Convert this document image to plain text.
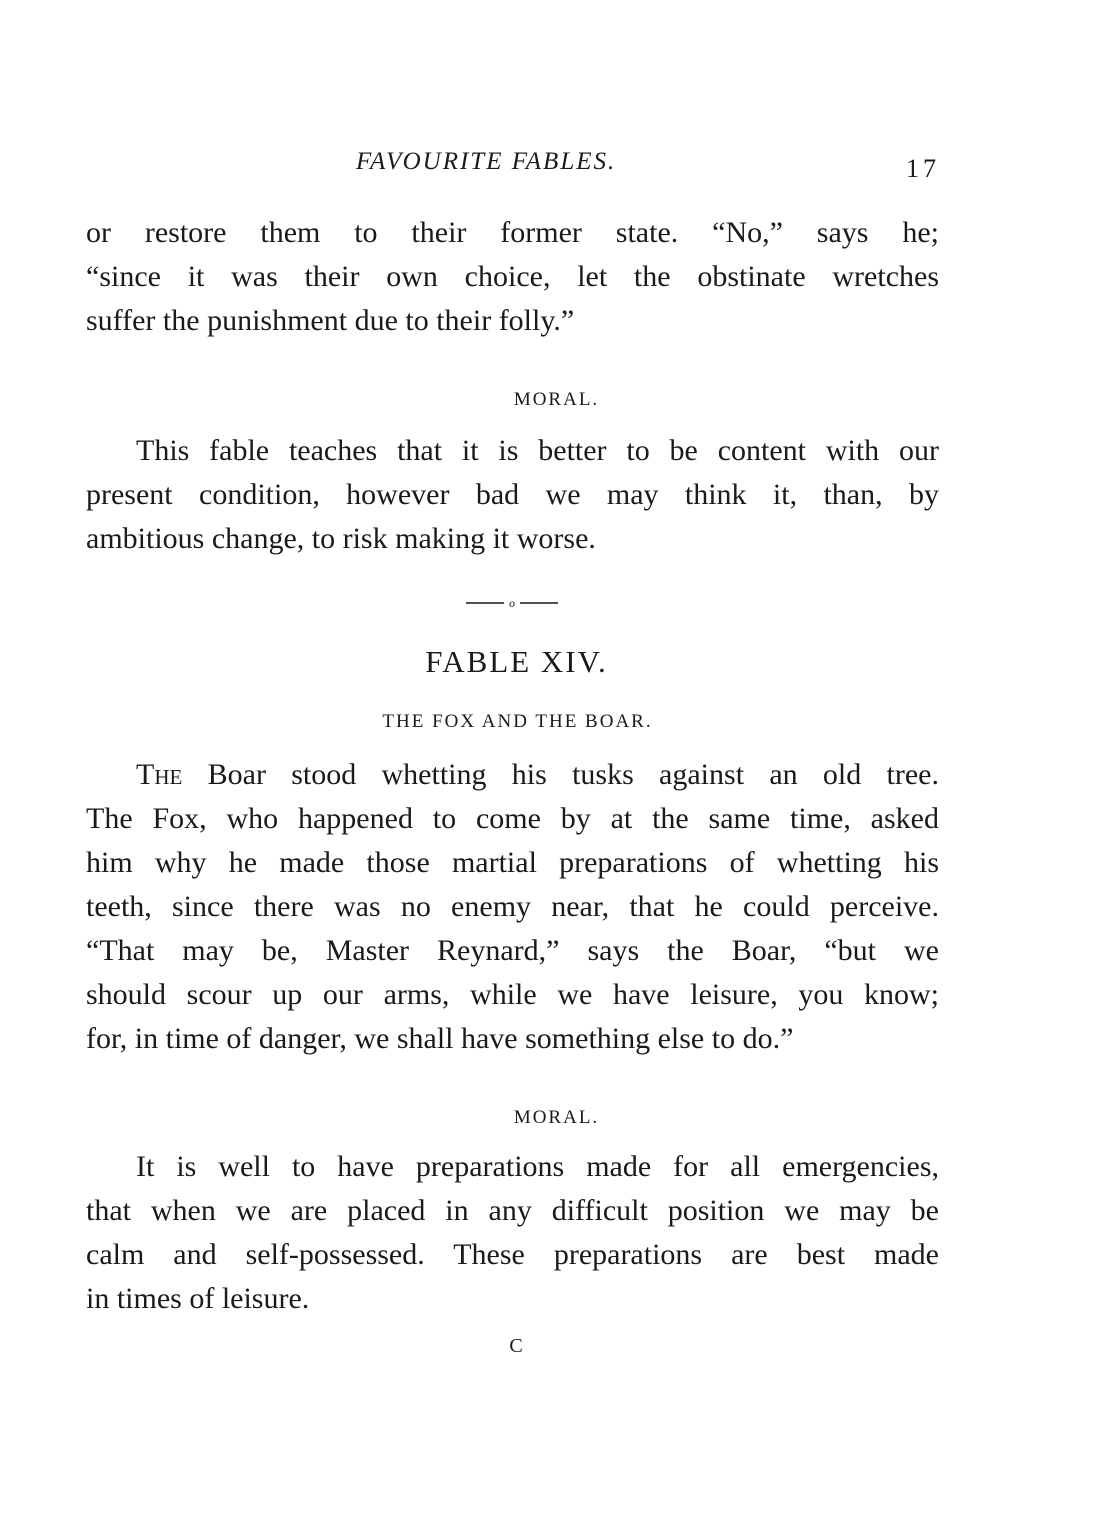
FAVOURITE FABLES.	17
or restore them to their former state. “No,” says he;
“since it was their own choice, let the obstinate wretches
suffer the punishment due to their folly.”
MORAL.
This fable teaches that it is better to be content with our
present condition, however bad we may think it, than, by
ambitious change, to risk making it worse.
o
FABLE XIV.
THE FOX AND THE BOAR.
The Boar stood whetting his tusks against an old tree.
The Fox, who happened to come by at the same time, asked
him why he made those martial preparations of whetting his
teeth, since there was no enemy near, that he could perceive.
“That may be, Master Reynard,” says the Boar, “but we
should scour up our arms, while we have leisure, you know;
for, in time of danger, we shall have something else to do.”
MORAL.
It is well to have preparations made for all emergencies,
that when we are placed in any difficult position we may be
calm and self-possessed. These preparations are best made
in times of leisure.
C
